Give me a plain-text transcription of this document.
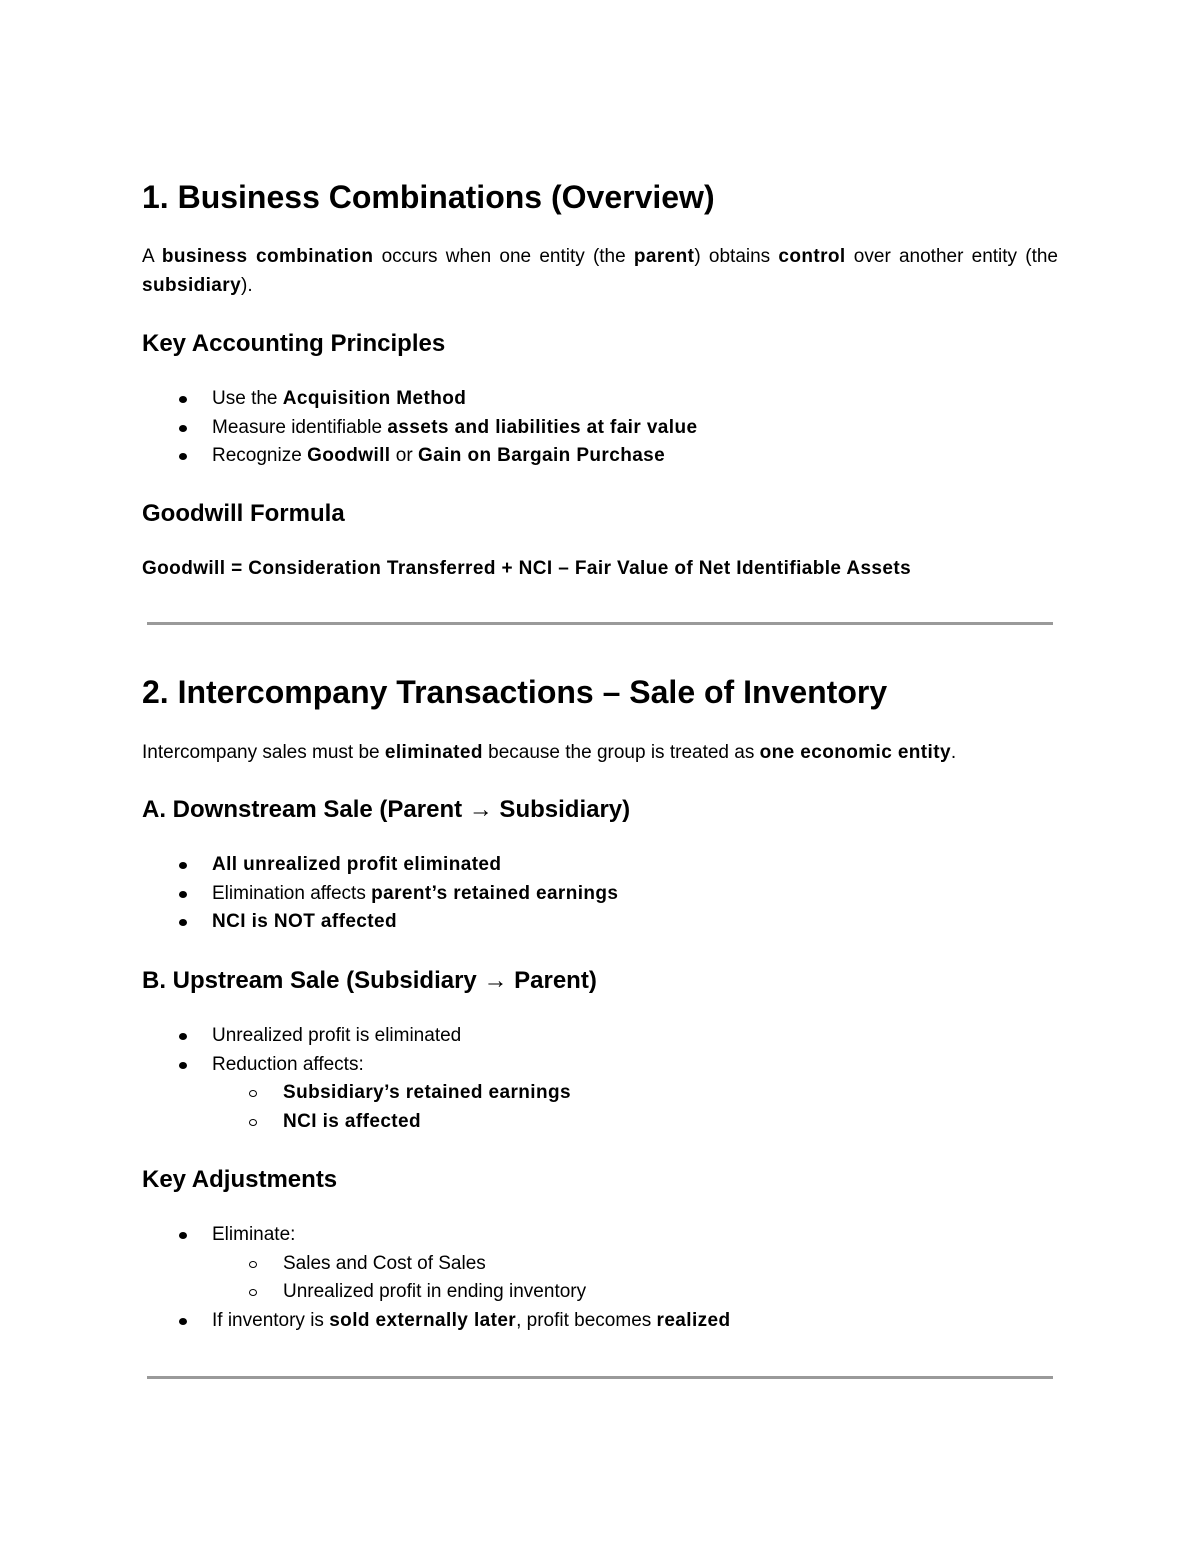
1. Business Combinations (Overview)

A business combination occurs when one entity (the parent) obtains control over another entity (the subsidiary).

Key Accounting Principles
Use the Acquisition Method
Measure identifiable assets and liabilities at fair value
Recognize Goodwill or Gain on Bargain Purchase
Goodwill Formula

Goodwill = Consideration Transferred + NCI – Fair Value of Net Identifiable Assets

2. Intercompany Transactions – Sale of Inventory

Intercompany sales must be eliminated because the group is treated as one economic entity.

A. Downstream Sale (Parent → Subsidiary)
All unrealized profit eliminated
Elimination affects parent’s retained earnings
NCI is NOT affected
B. Upstream Sale (Subsidiary → Parent)
Unrealized profit is eliminated
Reduction affects:
Subsidiary’s retained earnings
NCI is affected
Key Adjustments
Eliminate:
Sales and Cost of Sales
Unrealized profit in ending inventory
If inventory is sold externally later, profit becomes realized
